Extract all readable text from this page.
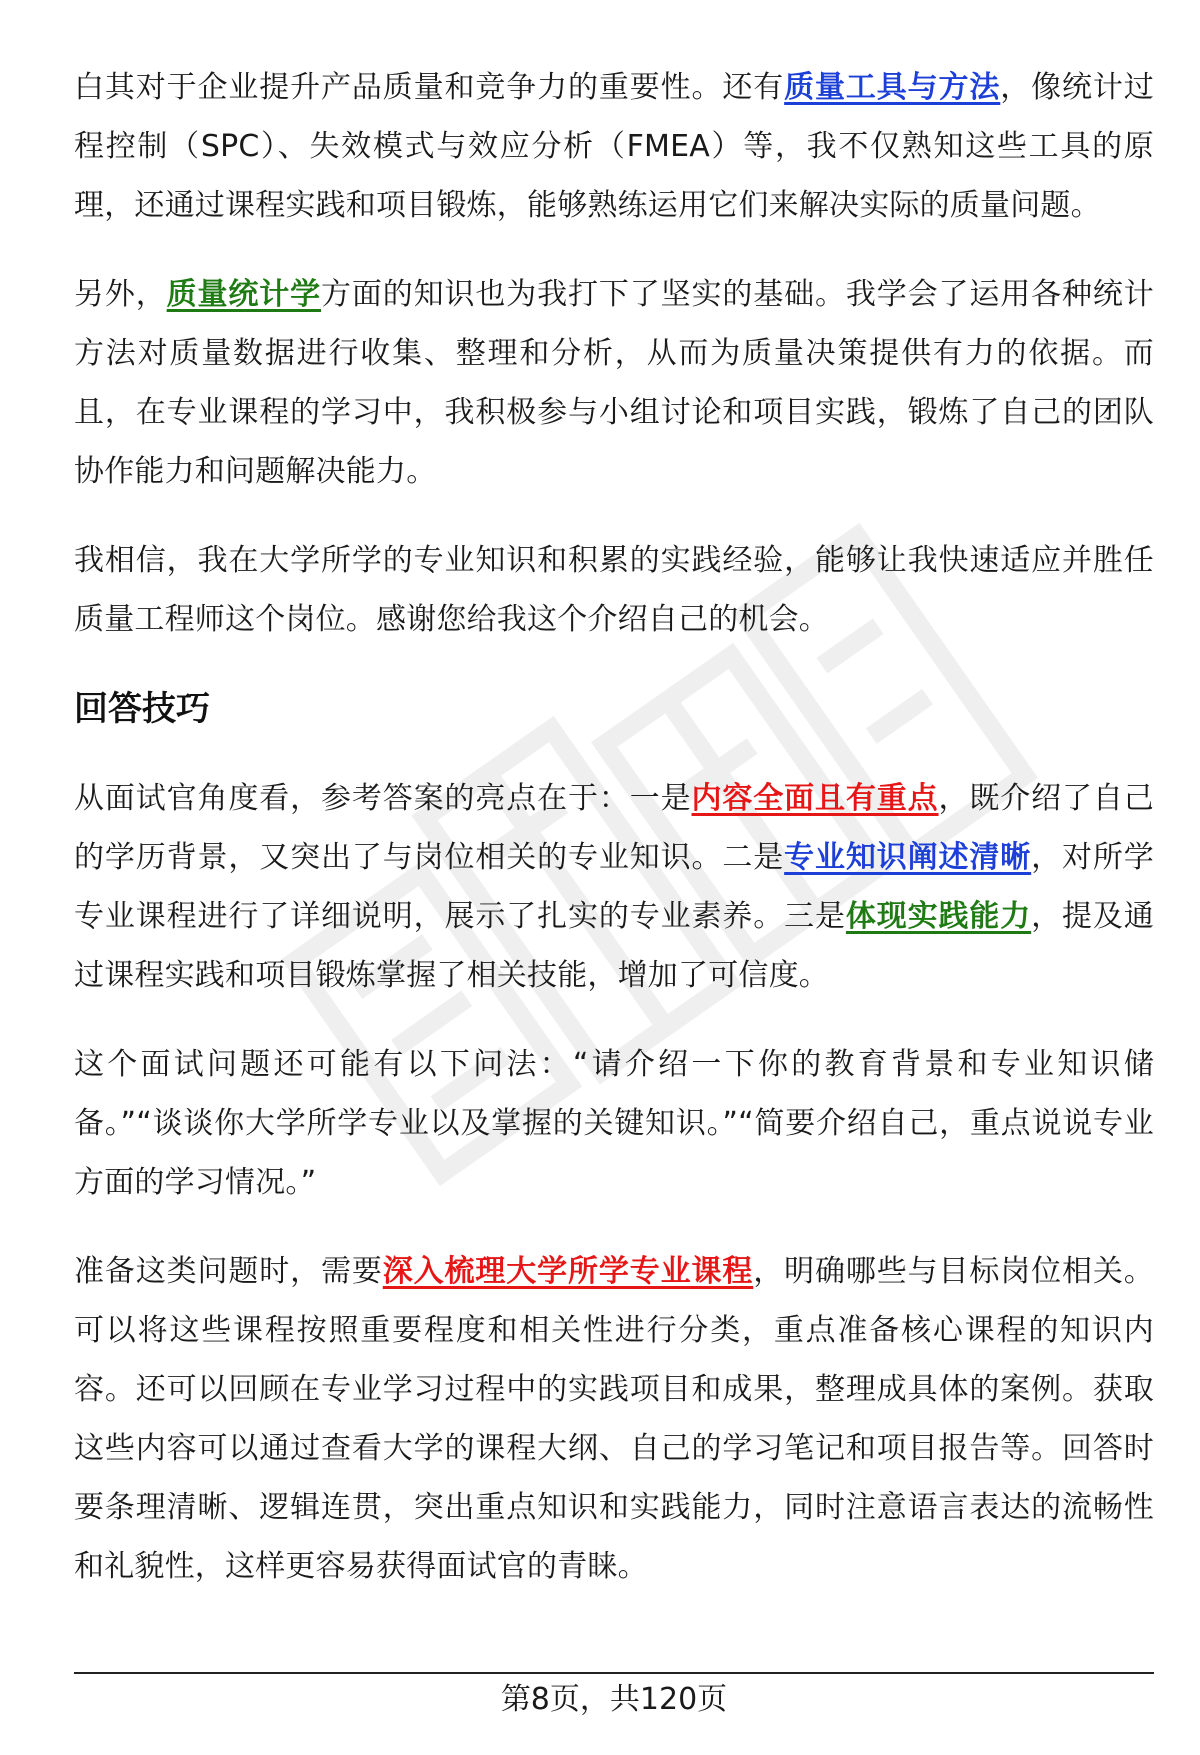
白其对于企业提升产品质量和竞争力的重要性。还有质量工具与方法，像统计过程控制（SPC）、失效模式与效应分析（FMEA）等，我不仅熟知这些工具的原理，还通过课程实践和项目锻炼，能够熟练运用它们来解决实际的质量问题。

另外，质量统计学方面的知识也为我打下了坚实的基础。我学会了运用各种统计方法对质量数据进行收集、整理和分析，从而为质量决策提供有力的依据。而且，在专业课程的学习中，我积极参与小组讨论和项目实践，锻炼了自己的团队协作能力和问题解决能力。

我相信，我在大学所学的专业知识和积累的实践经验，能够让我快速适应并胜任质量工程师这个岗位。感谢您给我这个介绍自己的机会。

回答技巧

从面试官角度看，参考答案的亮点在于：一是内容全面且有重点，既介绍了自己的学历背景，又突出了与岗位相关的专业知识。二是专业知识阐述清晰，对所学专业课程进行了详细说明，展示了扎实的专业素养。三是体现实践能力，提及通过课程实践和项目锻炼掌握了相关技能，增加了可信度。

这个面试问题还可能有以下问法：“请介绍一下你的教育背景和专业知识储备。”“谈谈你大学所学专业以及掌握的关键知识。”“简要介绍自己，重点说说专业方面的学习情况。”

准备这类问题时，需要深入梳理大学所学专业课程，明确哪些与目标岗位相关。可以将这些课程按照重要程度和相关性进行分类，重点准备核心课程的知识内容。还可以回顾在专业学习过程中的实践项目和成果，整理成具体的案例。获取这些内容可以通过查看大学的课程大纲、自己的学习笔记和项目报告等。回答时要条理清晰、逻辑连贯，突出重点知识和实践能力，同时注意语言表达的流畅性和礼貌性，这样更容易获得面试官的青睐。

第8页，共120页
